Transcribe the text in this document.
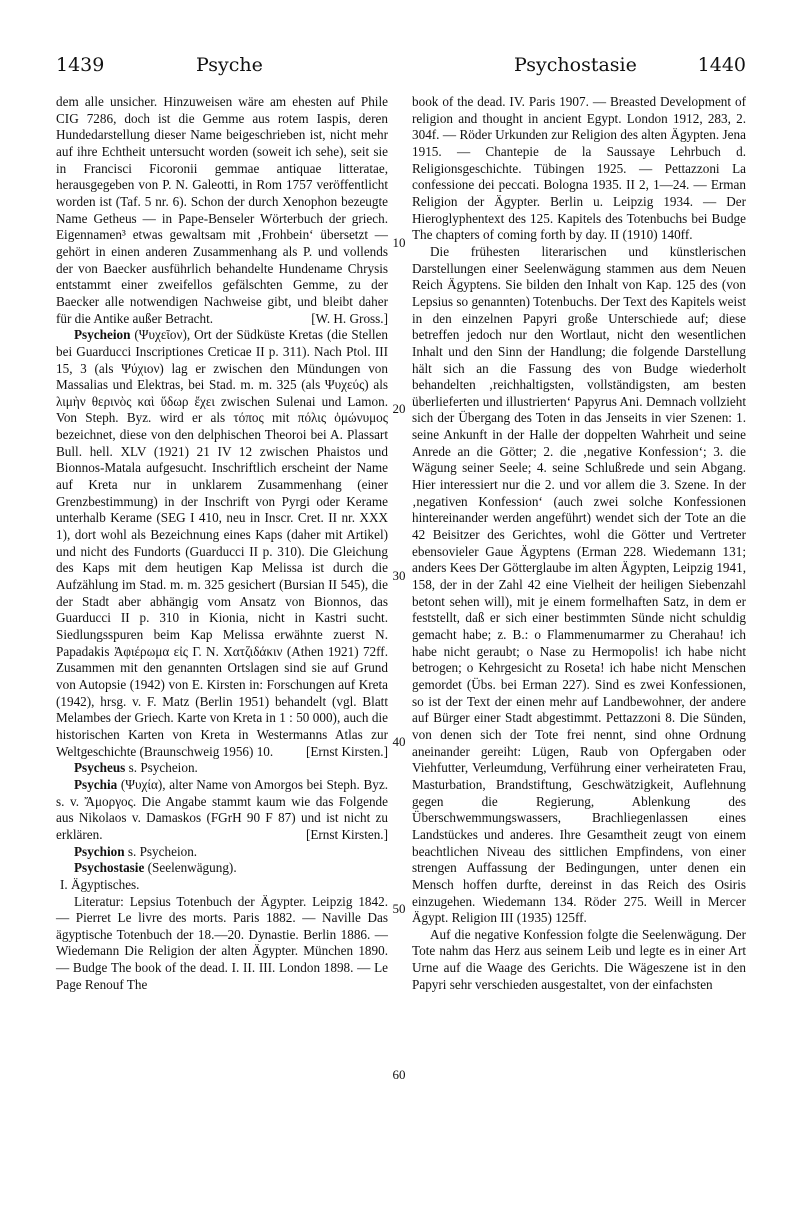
1439	Psyche	Psychostasie	1440
10
20
30
40
50
60

dem alle unsicher. Hinzuweisen wäre am ehesten auf Phile CIG 7286, doch ist die Gemme aus rotem Iaspis, deren Hundedarstellung dieser Name beigeschrieben ist, nicht mehr auf ihre Echtheit untersucht worden (soweit ich sehe), seit sie in Francisci Ficoronii gemmae antiquae litteratae, herausgegeben von P. N. Galeotti, in Rom 1757 veröffentlicht worden ist (Taf. 5 nr. 6). Schon der durch Xenophon bezeugte Name Getheus — in Pape-Benseler Wörterbuch der griech. Eigennamen³ etwas gewaltsam mit ‚Frohbein‘ übersetzt — gehört in einen anderen Zusammenhang als P. und vollends der von Baecker ausführlich behandelte Hundename Chrysis entstammt einer zweifellos gefälschten Gemme, zu der Baecker alle notwendigen Nachweise gibt, und bleibt daher für die Antike außer Betracht.	[W. H. Gross.]

Psycheion (Ψυχεῖον), Ort der Südküste Kretas (die Stellen bei Guarducci Inscriptiones Creticae II p. 311). Nach Ptol. III 15, 3 (als Ψύχιον) lag er zwischen den Mündungen von Massalias und Elektras, bei Stad. m. m. 325 (als Ψυχεύς) als λιμὴν θερινὸς καὶ ὕδωρ ἔχει zwischen Sulenai und Lamon. Von Steph. Byz. wird er als τόπος mit πόλις ὁμώνυμος bezeichnet, diese von den delphischen Theoroi bei A. Plassart Bull. hell. XLV (1921) 21 IV 12 zwischen Phaistos und Bionnos-Matala aufgesucht. Inschriftlich erscheint der Name auf Kreta nur in unklarem Zusammenhang (einer Grenzbestimmung) in der Inschrift von Pyrgi oder Kerame unterhalb Kerame (SEG I 410, neu in Inscr. Cret. II nr. XXX 1), dort wohl als Bezeichnung eines Kaps (daher mit Artikel) und nicht des Fundorts (Guarducci II p. 310). Die Gleichung des Kaps mit dem heutigen Kap Melissa ist durch die Aufzählung im Stad. m. m. 325 gesichert (Bursian II 545), die der Stadt aber abhängig vom Ansatz von Bionnos, das Guarducci II p. 310 in Kionia, nicht in Kastri sucht. Siedlungsspuren beim Kap Melissa erwähnte zuerst N. Papadakis Ἀφιέρωμα εἰς Γ. Ν. Χατζιδάκιν (Athen 1921) 72ff. Zusammen mit den genannten Ortslagen sind sie auf Grund von Autopsie (1942) von E. Kirsten in: Forschungen auf Kreta (1942), hrsg. v. F. Matz (Berlin 1951) behandelt (vgl. Blatt Melambes der Griech. Karte von Kreta in 1 : 50 000), auch die historischen Karten von Kreta in Westermanns Atlas zur Weltgeschichte (Braunschweig 1956) 10.	[Ernst Kirsten.]

Psycheus s. Psycheion.

Psychia (Ψυχία), alter Name von Amorgos bei Steph. Byz. s. v. Ἄμοργος. Die Angabe stammt kaum wie das Folgende aus Nikolaos v. Damaskos (FGrH 90 F 87) und ist nicht zu erklären.	[Ernst Kirsten.]

Psychion s. Psycheion.

Psychostasie (Seelenwägung).

I. Ägyptisches.

Literatur: Lepsius Totenbuch der Ägypter. Leipzig 1842. — Pierret Le livre des morts. Paris 1882. — Naville Das ägyptische Totenbuch der 18.—20. Dynastie. Berlin 1886. — Wiedemann Die Religion der alten Ägypter. München 1890. — Budge The book of the dead. I. II. III. London 1898. — Le Page Renouf The

book of the dead. IV. Paris 1907. — Breasted Development of religion and thought in ancient Egypt. London 1912, 283, 2. 304f. — Röder Urkunden zur Religion des alten Ägypten. Jena 1915. — Chantepie de la Saussaye Lehrbuch d. Religionsgeschichte. Tübingen 1925. — Pettazzoni La confessione dei peccati. Bologna 1935. II 2, 1—24. — Erman Religion der Ägypter. Berlin u. Leipzig 1934. — Der Hieroglyphentext des 125. Kapitels des Totenbuchs bei Budge The chapters of coming forth by day. II (1910) 140ff.

Die frühesten literarischen und künstlerischen Darstellungen einer Seelenwägung stammen aus dem Neuen Reich Ägyptens. Sie bilden den Inhalt von Kap. 125 des (von Lepsius so genannten) Totenbuchs. Der Text des Kapitels weist in den einzelnen Papyri große Unterschiede auf; diese betreffen jedoch nur den Wortlaut, nicht den wesentlichen Inhalt und den Sinn der Handlung; die folgende Darstellung hält sich an die Fassung des von Budge wiederholt behandelten ‚reichhaltigsten, vollständigsten, am besten überlieferten und illustrierten‘ Papyrus Ani. Demnach vollzieht sich der Übergang des Toten in das Jenseits in vier Szenen: 1. seine Ankunft in der Halle der doppelten Wahrheit und seine Anrede an die Götter; 2. die ‚negative Konfession‘; 3. die Wägung seiner Seele; 4. seine Schlußrede und sein Abgang. Hier interessiert nur die 2. und vor allem die 3. Szene. In der ‚negativen Konfession‘ (auch zwei solche Konfessionen hintereinander werden angeführt) wendet sich der Tote an die 42 Beisitzer des Gerichtes, wohl die Götter und Vertreter ebensovieler Gaue Ägyptens (Erman 228. Wiedemann 131; anders Kees Der Götterglaube im alten Ägypten, Leipzig 1941, 158, der in der Zahl 42 eine Vielheit der heiligen Siebenzahl betont sehen will), mit je einem formelhaften Satz, in dem er feststellt, daß er sich einer bestimmten Sünde nicht schuldig gemacht habe; z. B.: o Flammenumarmer zu Cherahau! ich habe nicht geraubt; o Nase zu Hermopolis! ich habe nicht betrogen; o Kehrgesicht zu Roseta! ich habe nicht Menschen gemordet (Übs. bei Erman 227). Sind es zwei Konfessionen, so ist der Text der einen mehr auf Landbewohner, der andere auf Bürger einer Stadt abgestimmt. Pettazzoni 8. Die Sünden, von denen sich der Tote frei nennt, sind ohne Ordnung aneinander gereiht: Lügen, Raub von Opfergaben oder Viehfutter, Verleumdung, Verführung einer verheirateten Frau, Masturbation, Brandstiftung, Geschwätzigkeit, Auflehnung gegen die Regierung, Ablenkung des Überschwemmungswassers, Brachliegenlassen eines Landstückes und anderes. Ihre Gesamtheit zeugt von einem beachtlichen Niveau des sittlichen Empfindens, von einer strengen Auffassung der Bedingungen, unter denen ein Mensch hoffen durfte, dereinst in das Reich des Osiris einzugehen. Wiedemann 134. Röder 275. Weill in Mercer Ägypt. Religion III (1935) 125ff.

Auf die negative Konfession folgte die Seelenwägung. Der Tote nahm das Herz aus seinem Leib und legte es in einer Art Urne auf die Waage des Gerichts. Die Wägeszene ist in den Papyri sehr verschieden ausgestaltet, von der einfachsten
